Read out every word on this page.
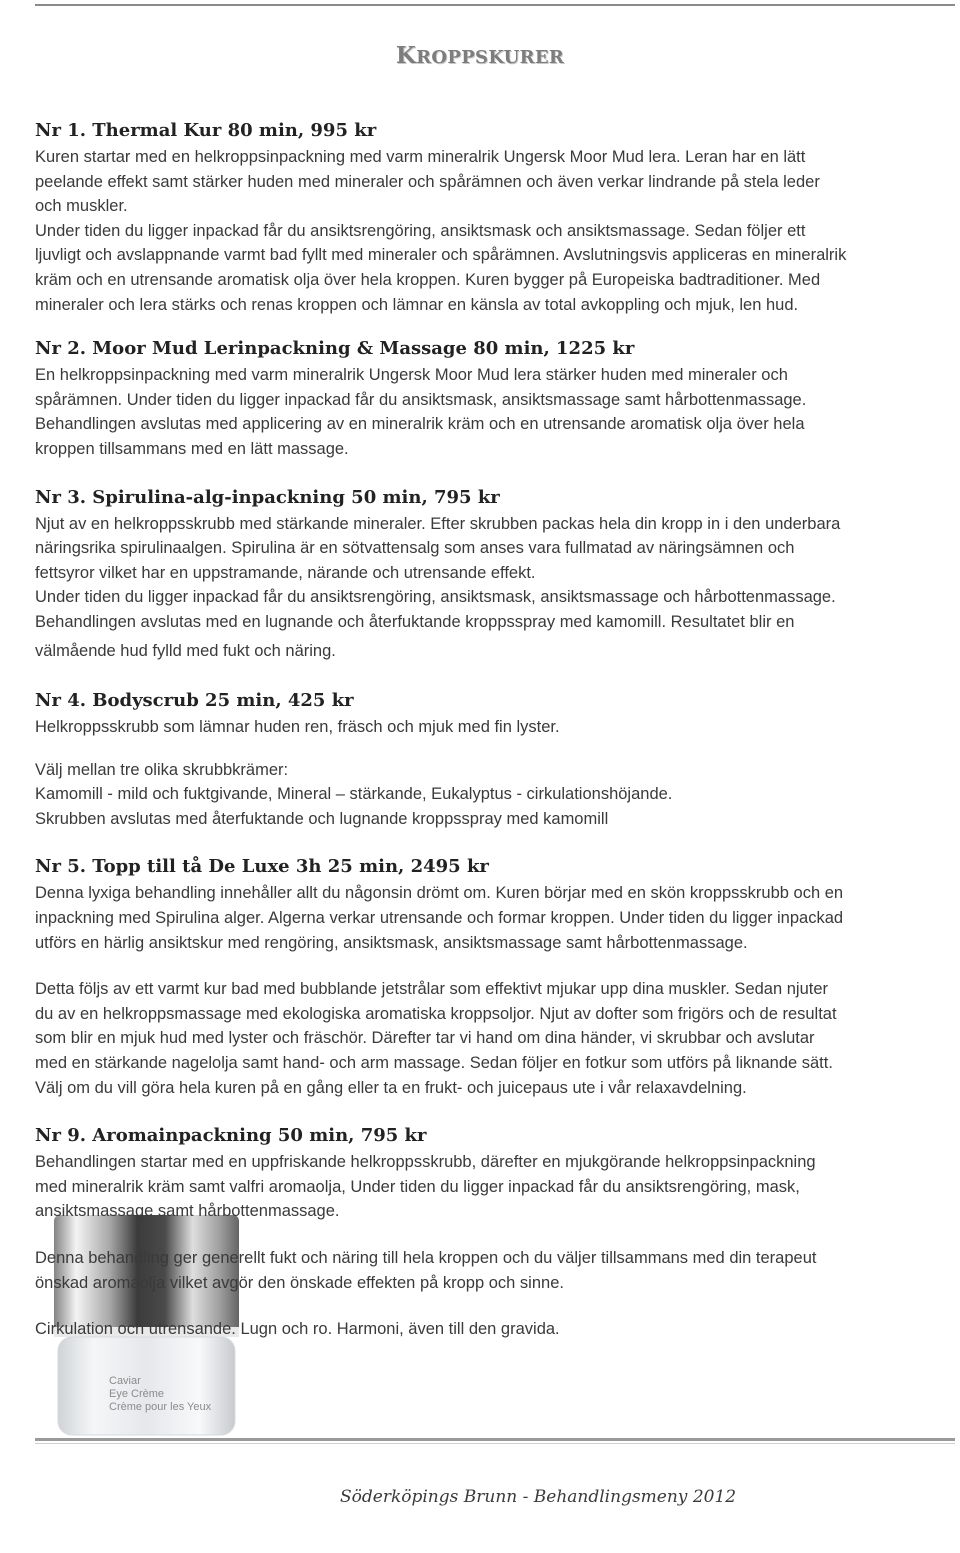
KROPPSKURER
Caviar
Eye Crème
Crème pour les Yeux
Nr 1. Thermal Kur 80 min, 995 kr

Kuren startar med en helkroppsinpackning med varm mineralrik Ungersk Moor Mud lera. Leran har en lätt

peelande effekt samt stärker huden med mineraler och spårämnen och även verkar lindrande på stela leder

och muskler.

Under tiden du ligger inpackad får du ansiktsrengöring, ansiktsmask och ansiktsmassage. Sedan följer ett

ljuvligt och avslappnande varmt bad fyllt med mineraler och spårämnen. Avslutningsvis appliceras en mineralrik

kräm och en utrensande aromatisk olja över hela kroppen. Kuren bygger på Europeiska badtraditioner. Med

mineraler och lera stärks och renas kroppen och lämnar en känsla av total avkoppling och mjuk, len hud.

Nr 2. Moor Mud Lerinpackning & Massage 80 min, 1225 kr

En helkroppsinpackning med varm mineralrik Ungersk Moor Mud lera stärker huden med mineraler och

spårämnen. Under tiden du ligger inpackad får du ansiktsmask, ansiktsmassage samt hårbottenmassage.

Behandlingen avslutas med applicering av en mineralrik kräm och en utrensande aromatisk olja över hela

kroppen tillsammans med en lätt massage.

Nr 3. Spirulina-alg-inpackning 50 min, 795 kr

Njut av en helkroppsskrubb med stärkande mineraler. Efter skrubben packas hela din kropp in i den underbara

näringsrika spirulinaalgen. Spirulina är en sötvattensalg som anses vara fullmatad av näringsämnen och

fettsyror vilket har en uppstramande, närande och utrensande effekt.

Under tiden du ligger inpackad får du ansiktsrengöring, ansiktsmask, ansiktsmassage och hårbottenmassage.

Behandlingen avslutas med en lugnande och återfuktande kroppsspray med kamomill. Resultatet blir en

välmående hud fylld med fukt och näring.

Nr 4. Bodyscrub 25 min, 425 kr

Helkroppsskrubb som lämnar huden ren, fräsch och mjuk med fin lyster.

Välj mellan tre olika skrubbkrämer:

Kamomill - mild och fuktgivande, Mineral – stärkande, Eukalyptus - cirkulationshöjande.

Skrubben avslutas med återfuktande och lugnande kroppsspray med kamomill

Nr 5. Topp till tå De Luxe 3h 25 min, 2495 kr

Denna lyxiga behandling innehåller allt du någonsin drömt om. Kuren börjar med en skön kroppsskrubb och en

inpackning med Spirulina alger. Algerna verkar utrensande och formar kroppen. Under tiden du ligger inpackad

utförs en härlig ansiktskur med rengöring, ansiktsmask, ansiktsmassage samt hårbottenmassage.

Detta följs av ett varmt kur bad med bubblande jetstrålar som effektivt mjukar upp dina muskler. Sedan njuter

du av en helkroppsmassage med ekologiska aromatiska kroppsoljor. Njut av dofter som frigörs och de resultat

som blir en mjuk hud med lyster och fräschör. Därefter tar vi hand om dina händer, vi skrubbar och avslutar

med en stärkande nagelolja samt hand- och arm massage. Sedan följer en fotkur som utförs på liknande sätt.

Välj om du vill göra hela kuren på en gång eller ta en frukt- och juicepaus ute i vår relaxavdelning.

Nr 9. Aromainpackning 50 min, 795 kr

Behandlingen startar med en uppfriskande helkroppsskrubb, därefter en mjukgörande helkroppsinpackning

med mineralrik kräm samt valfri aromaolja, Under tiden du ligger inpackad får du ansiktsrengöring, mask,

ansiktsmassage samt hårbottenmassage.

Denna behandling ger generellt fukt och näring till hela kroppen och du väljer tillsammans med din terapeut

önskad aromaolja vilket avgör den önskade effekten på kropp och sinne.

Cirkulation och utrensande. Lugn och ro. Harmoni, även till den gravida.

Söderköpings Brunn - Behandlingsmeny 2012
